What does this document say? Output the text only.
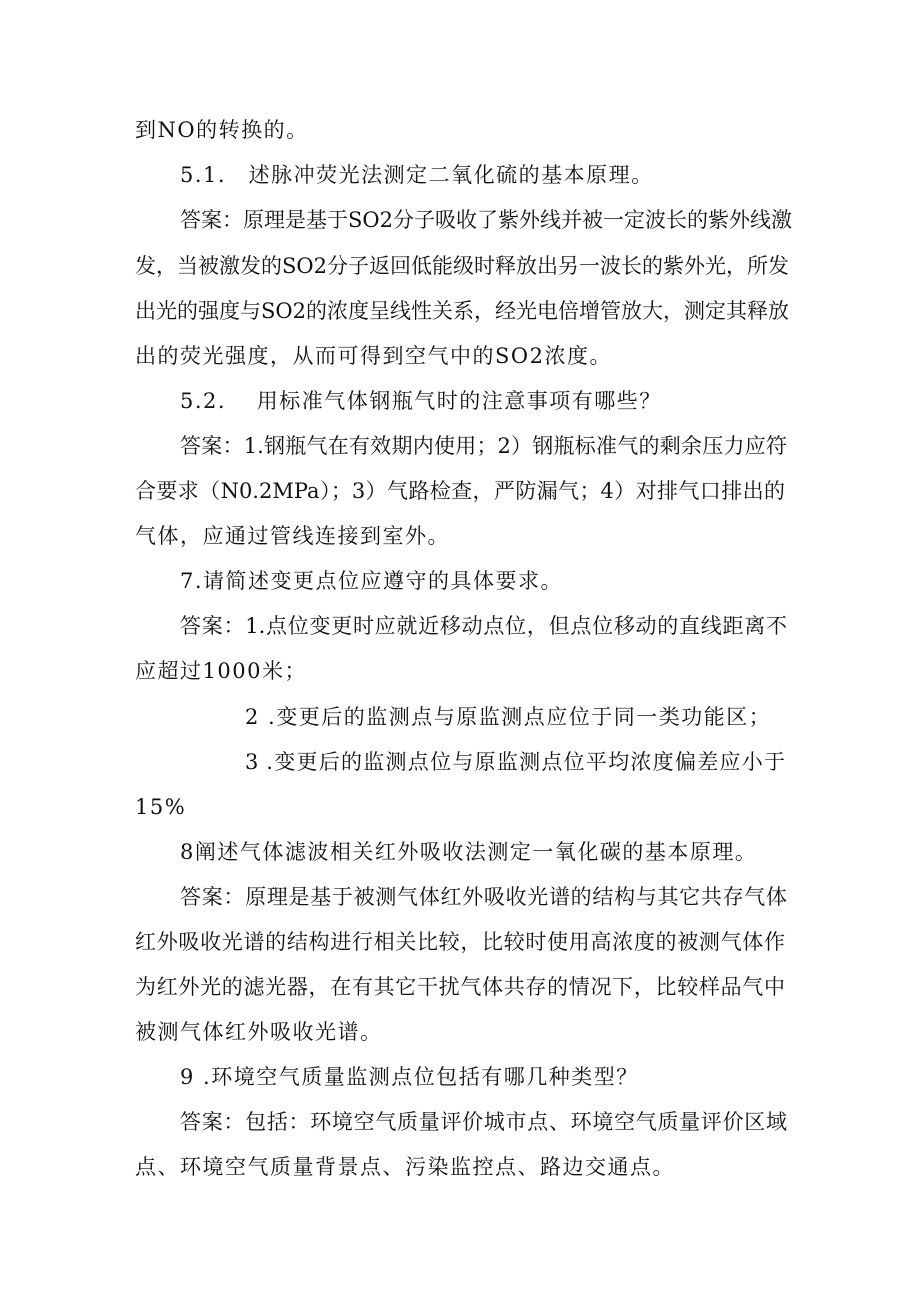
到NO的转换的。
5.1.　述脉冲荧光法测定二氧化硫的基本原理。
答案：原理是基于SO2分子吸收了紫外线并被一定波长的紫外线激
发，当被激发的SO2分子返回低能级时释放出另一波长的紫外光，所发
出光的强度与SO2的浓度呈线性关系，经光电倍增管放大，测定其释放
出的荧光强度，从而可得到空气中的SO2浓度。
5.2.　 用标准气体钢瓶气时的注意事项有哪些？
答案：1.钢瓶气在有效期内使用；2）钢瓶标准气的剩余压力应符
合要求（N0.2MPa）；3）气路检查，严防漏气；4）对排气口排出的
气体，应通过管线连接到室外。
7.请简述变更点位应遵守的具体要求。
答案：1.点位变更时应就近移动点位，但点位移动的直线距离不
应超过1000米；
2 .变更后的监测点与原监测点应位于同一类功能区；
3 .变更后的监测点位与原监测点位平均浓度偏差应小于
15%
8阐述气体滤波相关红外吸收法测定一氧化碳的基本原理。
答案：原理是基于被测气体红外吸收光谱的结构与其它共存气体
红外吸收光谱的结构进行相关比较，比较时使用高浓度的被测气体作
为红外光的滤光器，在有其它干扰气体共存的情况下，比较样品气中
被测气体红外吸收光谱。
9 .环境空气质量监测点位包括有哪几种类型？
答案：包括：环境空气质量评价城市点、环境空气质量评价区域
点、环境空气质量背景点、污染监控点、路边交通点。
